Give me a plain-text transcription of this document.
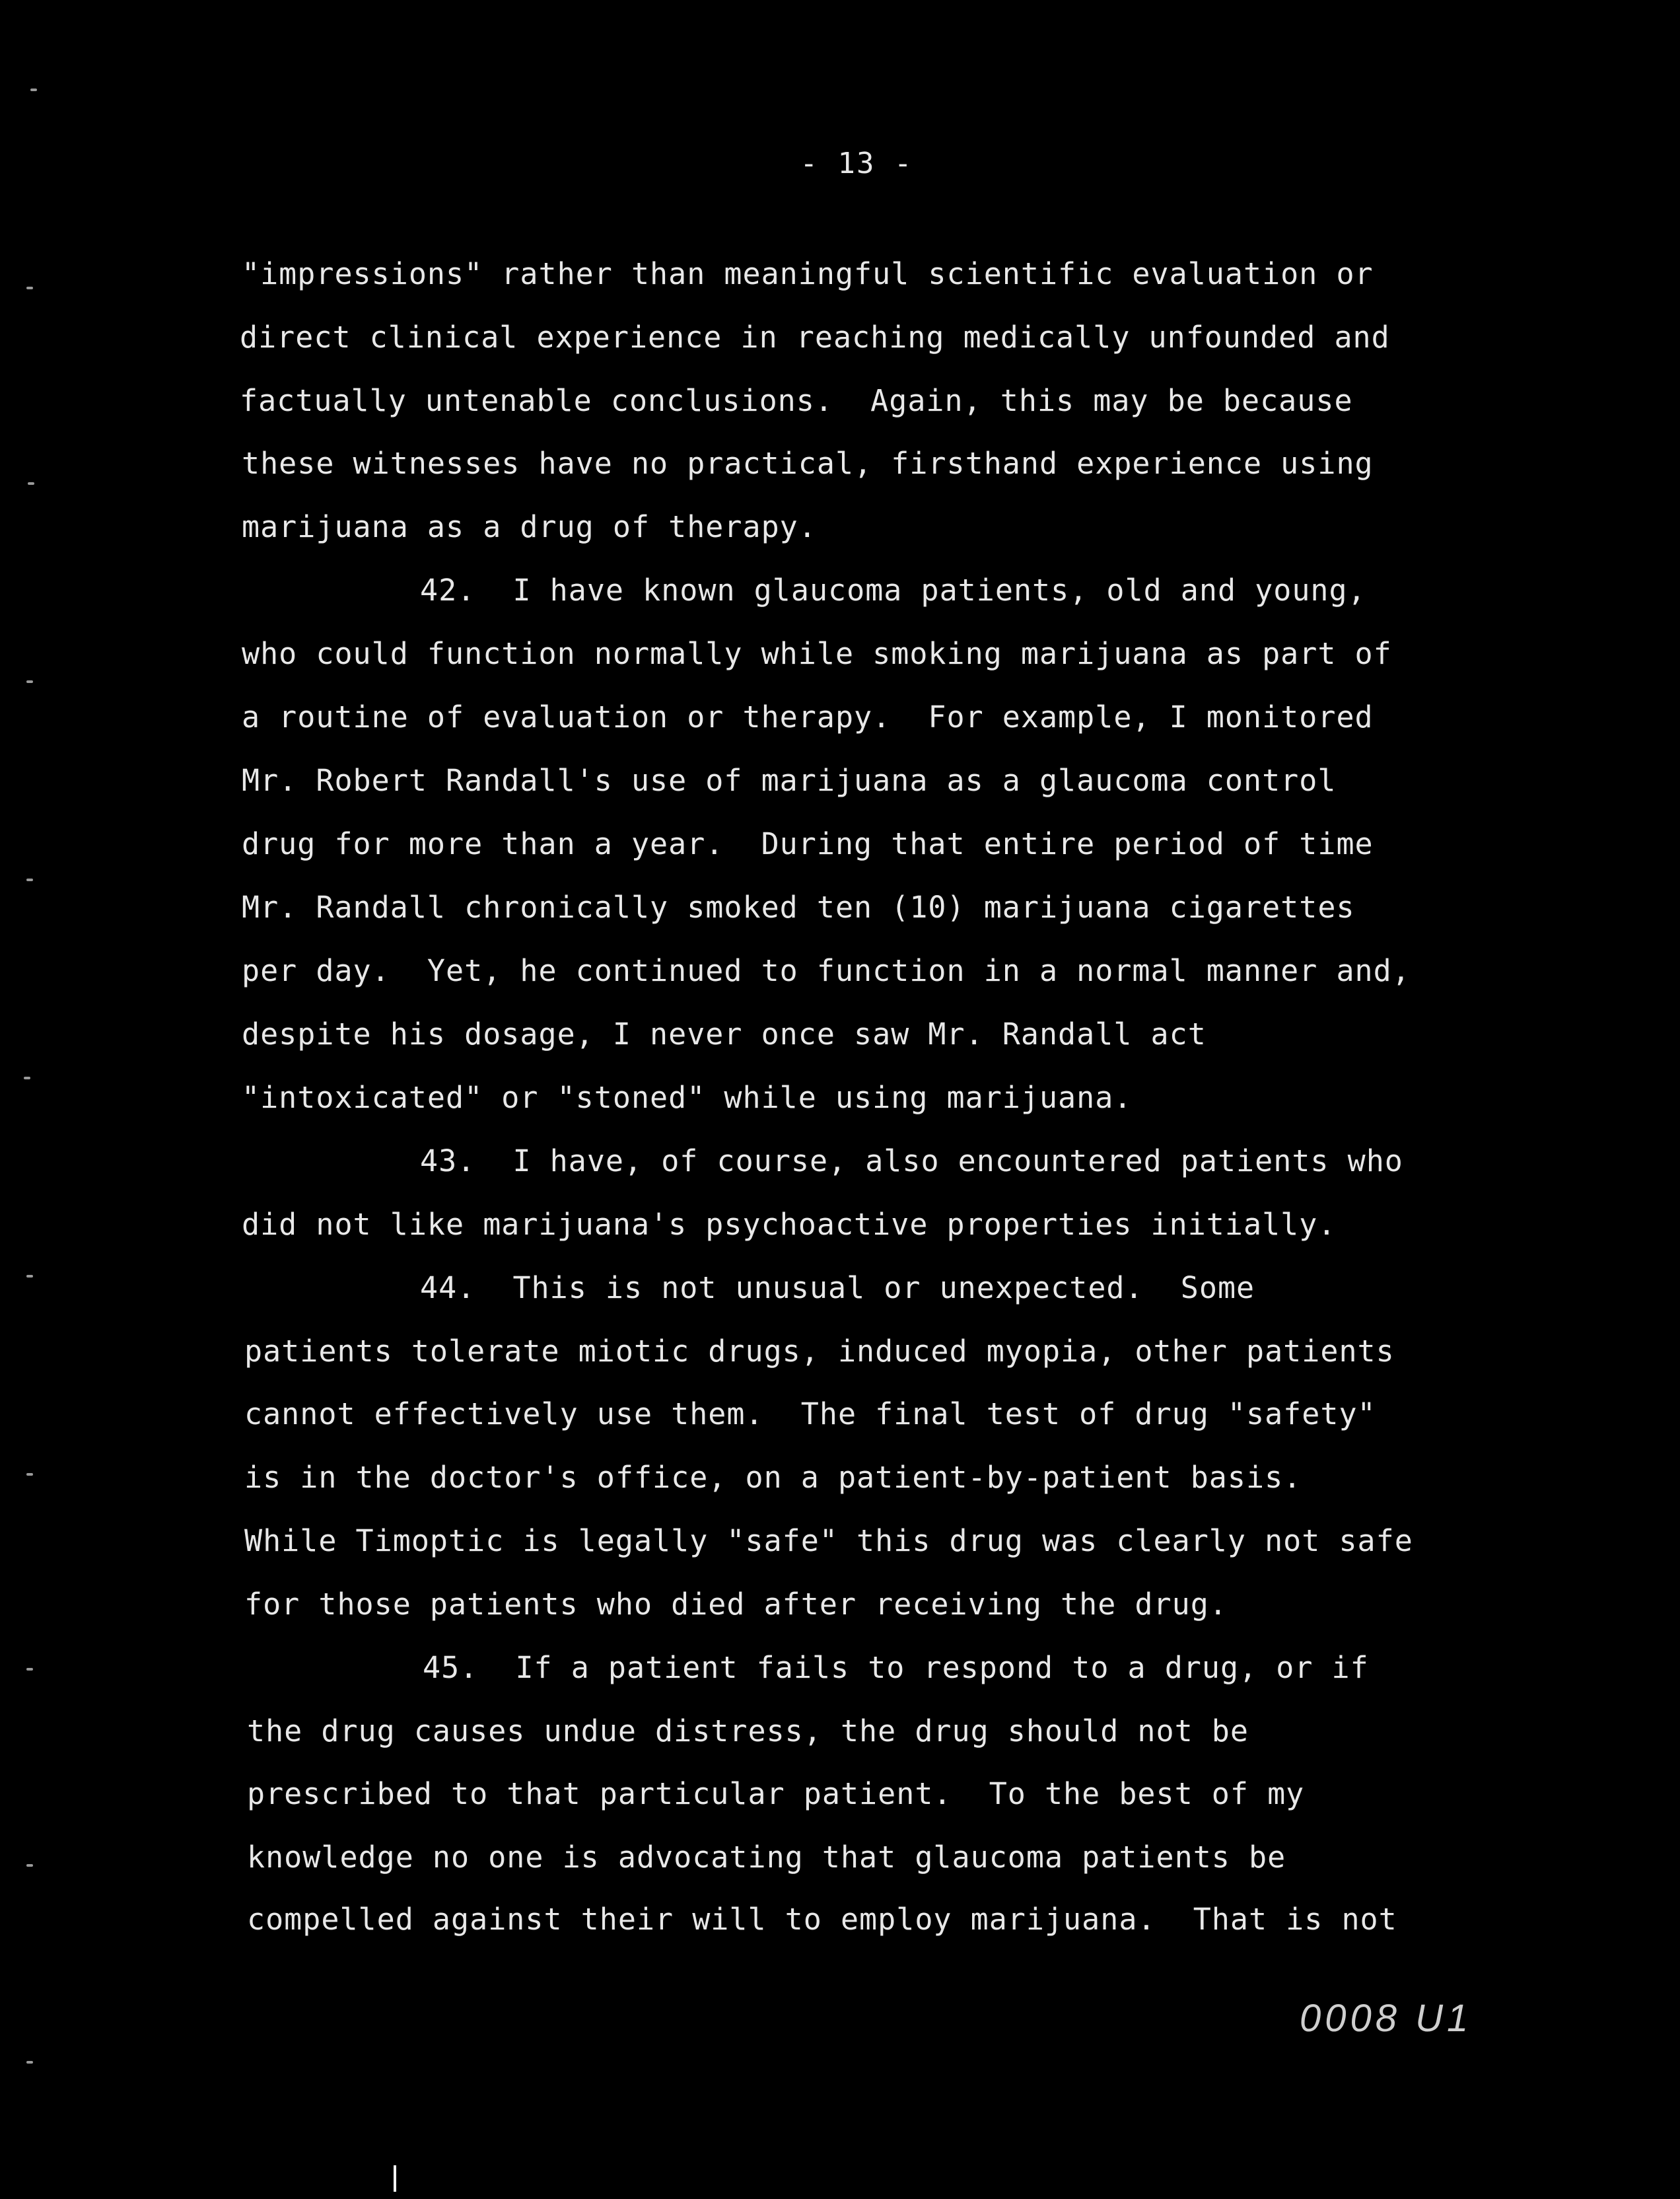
- 13 -
"impressions" rather than meaningful scientific evaluation or
direct clinical experience in reaching medically unfounded and
factually untenable conclusions.  Again, this may be because
these witnesses have no practical, firsthand experience using
marijuana as a drug of therapy.
42.  I have known glaucoma patients, old and young,
who could function normally while smoking marijuana as part of
a routine of evaluation or therapy.  For example, I monitored
Mr. Robert Randall's use of marijuana as a glaucoma control
drug for more than a year.  During that entire period of time
Mr. Randall chronically smoked ten (10) marijuana cigarettes
per day.  Yet, he continued to function in a normal manner and,
despite his dosage, I never once saw Mr. Randall act
"intoxicated" or "stoned" while using marijuana.
43.  I have, of course, also encountered patients who
did not like marijuana's psychoactive properties initially.
44.  This is not unusual or unexpected.  Some
patients tolerate miotic drugs, induced myopia, other patients
cannot effectively use them.  The final test of drug "safety"
is in the doctor's office, on a patient-by-patient basis.
While Timoptic is legally "safe" this drug was clearly not safe
for those patients who died after receiving the drug.
45.  If a patient fails to respond to a drug, or if
the drug causes undue distress, the drug should not be
prescribed to that particular patient.  To the best of my
knowledge no one is advocating that glaucoma patients be
compelled against their will to employ marijuana.  That is not
0008 U1
